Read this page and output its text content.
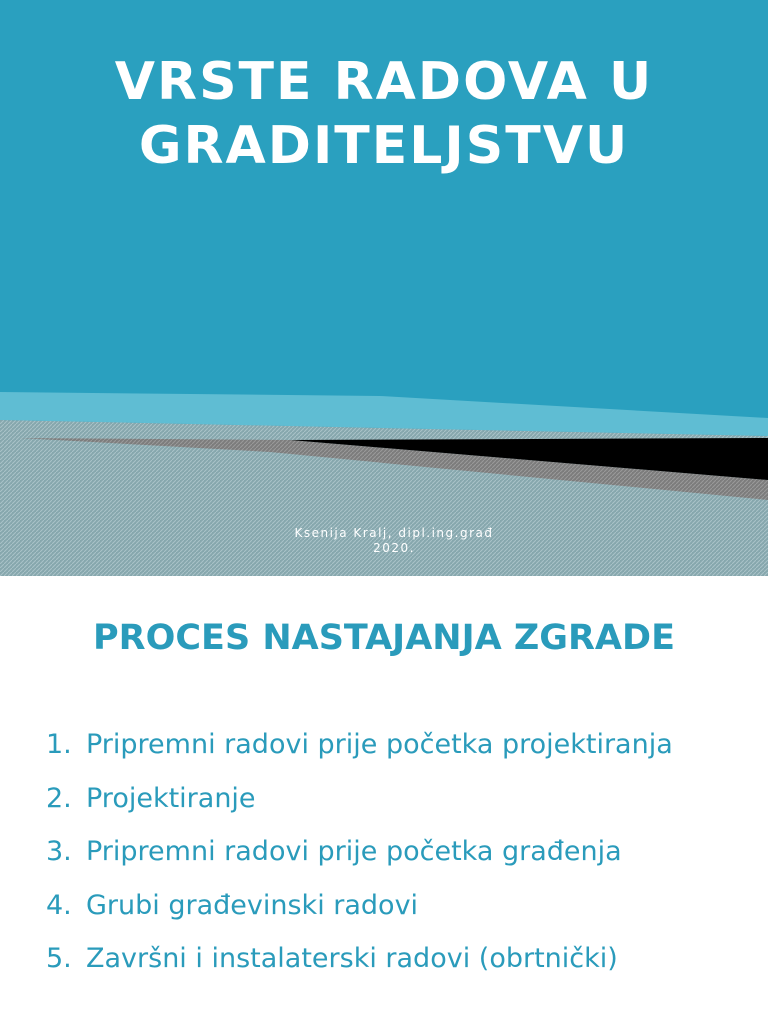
VRSTE RADOVA U
GRADITELJSTVU
Ksenija Kralj, dipl.ing.građ
2020.
PROCES NASTAJANJA ZGRADE
1. Pripremni radovi prije početka projektiranja
2. Projektiranje
3. Pripremni radovi prije početka građenja
4. Grubi građevinski radovi
5. Završni i instalaterski radovi (obrtnički)
